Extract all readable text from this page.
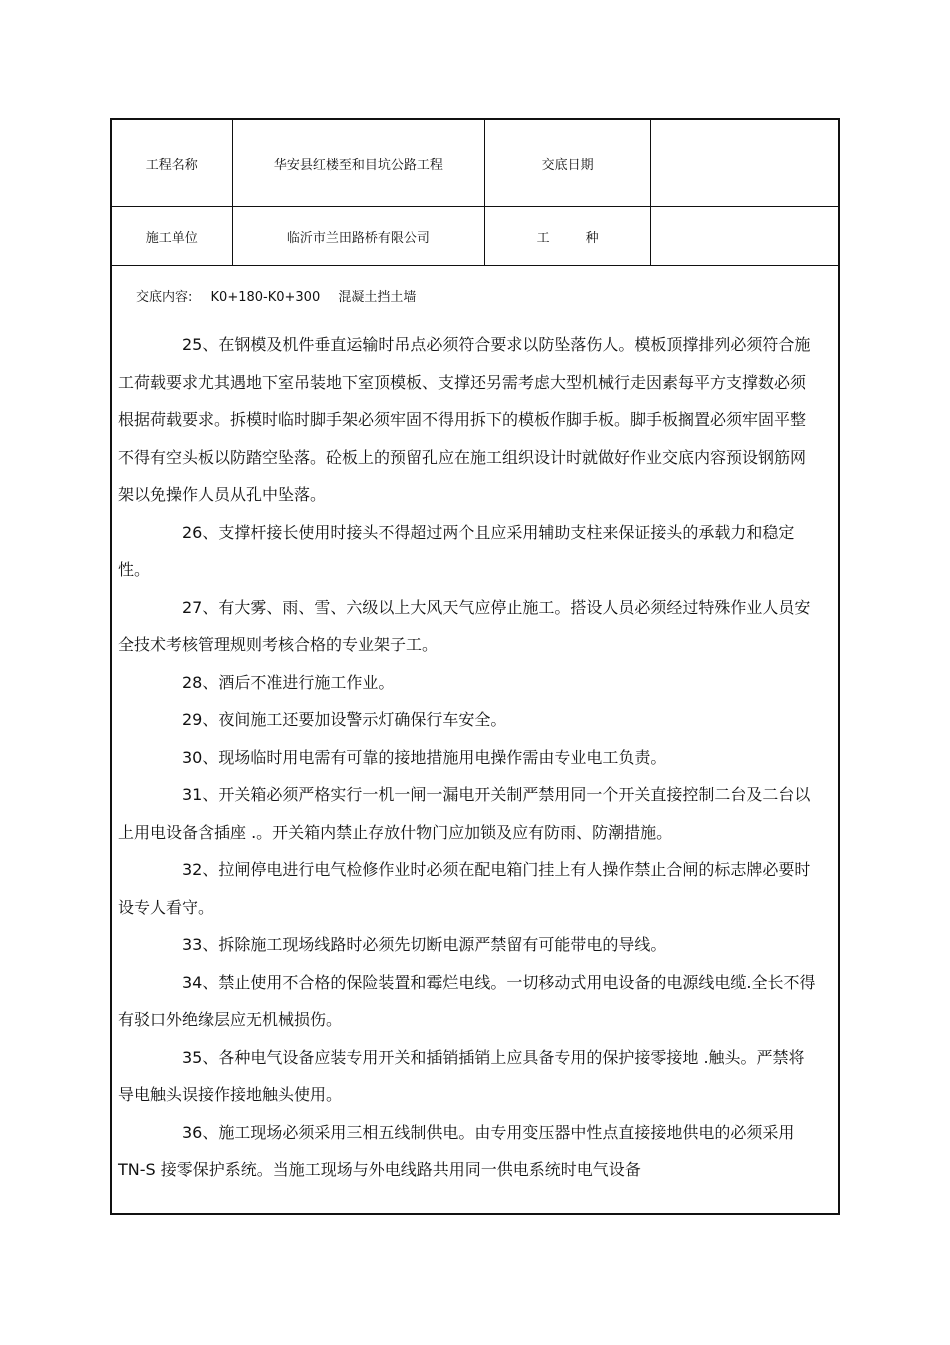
工程名称	华安县红楼至和目坑公路工程	交底日期	
施工单位	临沂市兰田路桥有限公司	工种	
交底内容: K0+180-K0+300 混凝土挡土墙

25、在钢模及机件垂直运输时吊点必须符合要求以防坠落伤人。模板顶撑排列必须符合施工荷载要求尤其遇地下室吊装地下室顶模板、支撑还另需考虑大型机械行走因素每平方支撑数必须根据荷载要求。拆模时临时脚手架必须牢固不得用拆下的模板作脚手板。脚手板搁置必须牢固平整不得有空头板以防踏空坠落。砼板上的预留孔应在施工组织设计时就做好作业交底内容预设钢筋网架以免操作人员从孔中坠落。

26、支撑杆接长使用时接头不得超过两个且应采用辅助支柱来保证接头的承载力和稳定性。

27、有大雾、雨、雪、六级以上大风天气应停止施工。搭设人员必须经过特殊作业人员安全技术考核管理规则考核合格的专业架子工。

28、酒后不准进行施工作业。

29、夜间施工还要加设警示灯确保行车安全。

30、现场临时用电需有可靠的接地措施用电操作需由专业电工负责。

31、开关箱必须严格实行一机一闸一漏电开关制严禁用同一个开关直接控制二台及二台以上用电设备含插座 .。开关箱内禁止存放什物门应加锁及应有防雨、防潮措施。

32、拉闸停电进行电气检修作业时必须在配电箱门挂上有人操作禁止合闸的标志牌必要时设专人看守。

33、拆除施工现场线路时必须先切断电源严禁留有可能带电的导线。

34、禁止使用不合格的保险装置和霉烂电线。一切移动式用电设备的电源线电缆.全长不得有驳口外绝缘层应无机械损伤。

35、各种电气设备应装专用开关和插销插销上应具备专用的保护接零接地 .触头。严禁将导电触头误接作接地触头使用。

36、施工现场必须采用三相五线制供电。由专用变压器中性点直接接地供电的必须采用 TN-S 接零保护系统。当施工现场与外电线路共用同一供电系统时电气设备
